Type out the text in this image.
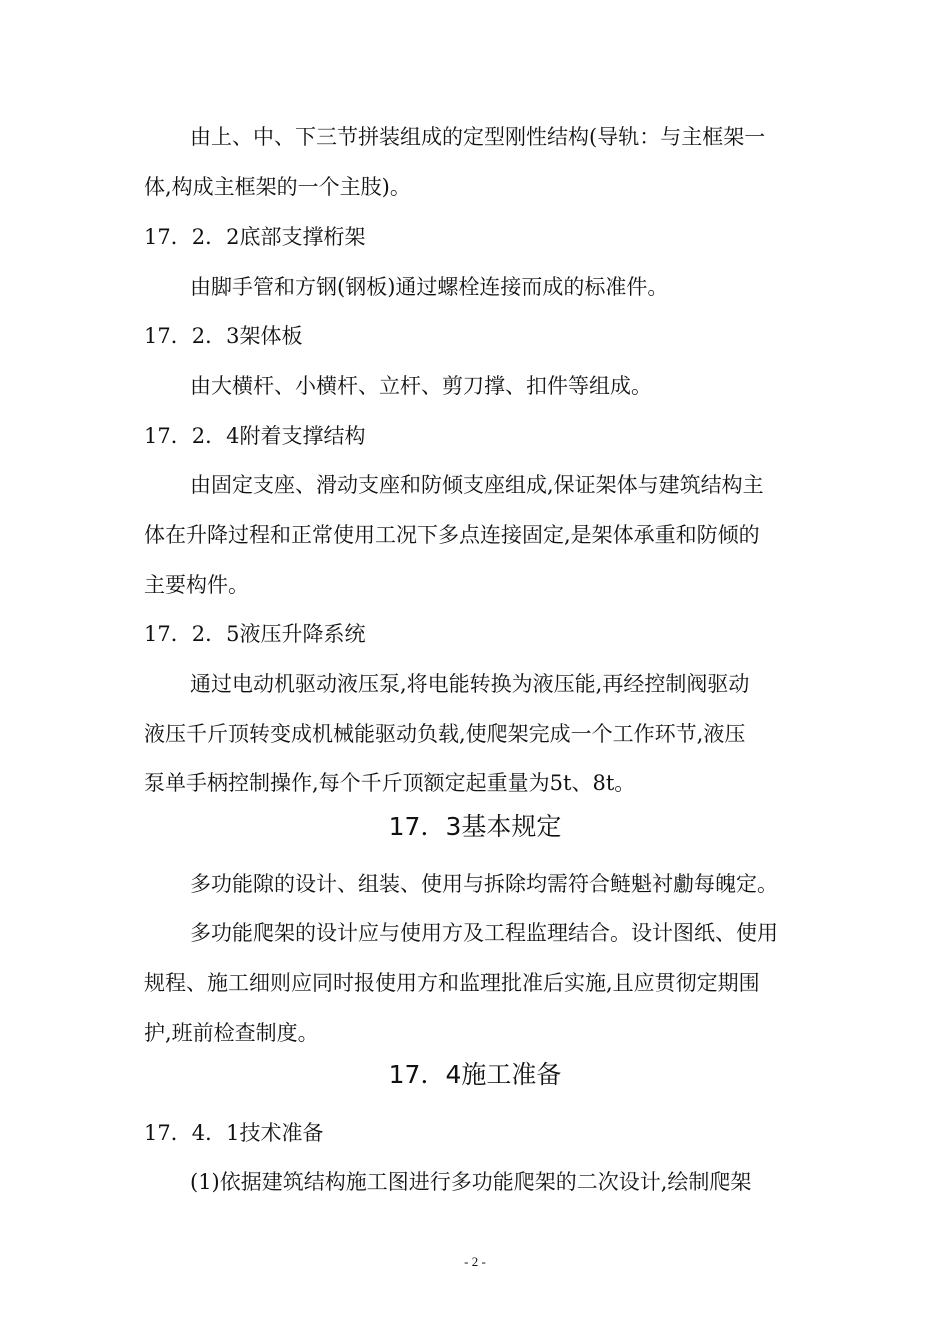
由上、中、下三节拼装组成的定型刚性结构(导轨：与主框架一
体,构成主框架的一个主肢)。
17．2．2底部支撑桁架
由脚手管和方钢(钢板)通过螺栓连接而成的标准件。
17．2．3架体板
由大横杆、小横杆、立杆、剪刀撑、扣件等组成。
17．2．4附着支撑结构
由固定支座、滑动支座和防倾支座组成,保证架体与建筑结构主
体在升降过程和正常使用工况下多点连接固定,是架体承重和防倾的
主要构件。
17．2．5液压升降系统
通过电动机驱动液压泵,将电能转换为液压能,再经控制阀驱动
液压千斤顶转变成机械能驱动负载,使爬架完成一个工作环节,液压
泵单手柄控制操作,每个千斤顶额定起重量为5t、8t。
17．3基本规定
多功能隙的设计、组装、使用与拆除均需符合鲢魁衬勴每魄定。
多功能爬架的设计应与使用方及工程监理结合。设计图纸、使用
规程、施工细则应同时报使用方和监理批准后实施,且应贯彻定期围
护,班前检查制度。
17．4施工准备
17．4．1技术准备
(1)依据建筑结构施工图进行多功能爬架的二次设计,绘制爬架
- 2 -
